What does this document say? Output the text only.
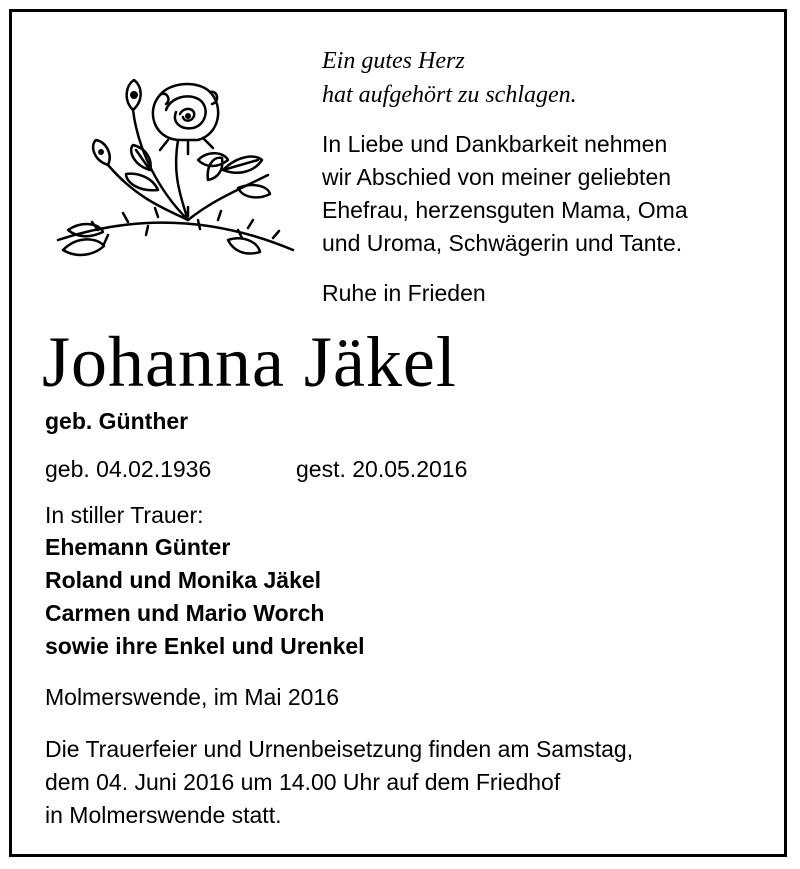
Ein gutes Herz
hat aufgehört zu schlagen.
In Liebe und Dankbarkeit nehmen
wir Abschied von meiner geliebten
Ehefrau, herzensguten Mama, Oma
und Uroma, Schwägerin und Tante.
Ruhe in Frieden
Johanna Jäkel
geb. Günther
geb. 04.02.1936	gest. 20.05.2016
In stiller Trauer:
Ehemann Günter
Roland und Monika Jäkel
Carmen und Mario Worch
sowie ihre Enkel und Urenkel
Molmerswende, im Mai 2016
Die Trauerfeier und Urnenbeisetzung finden am Samstag,
dem 04. Juni 2016 um 14.00 Uhr auf dem Friedhof
in Molmerswende statt.
